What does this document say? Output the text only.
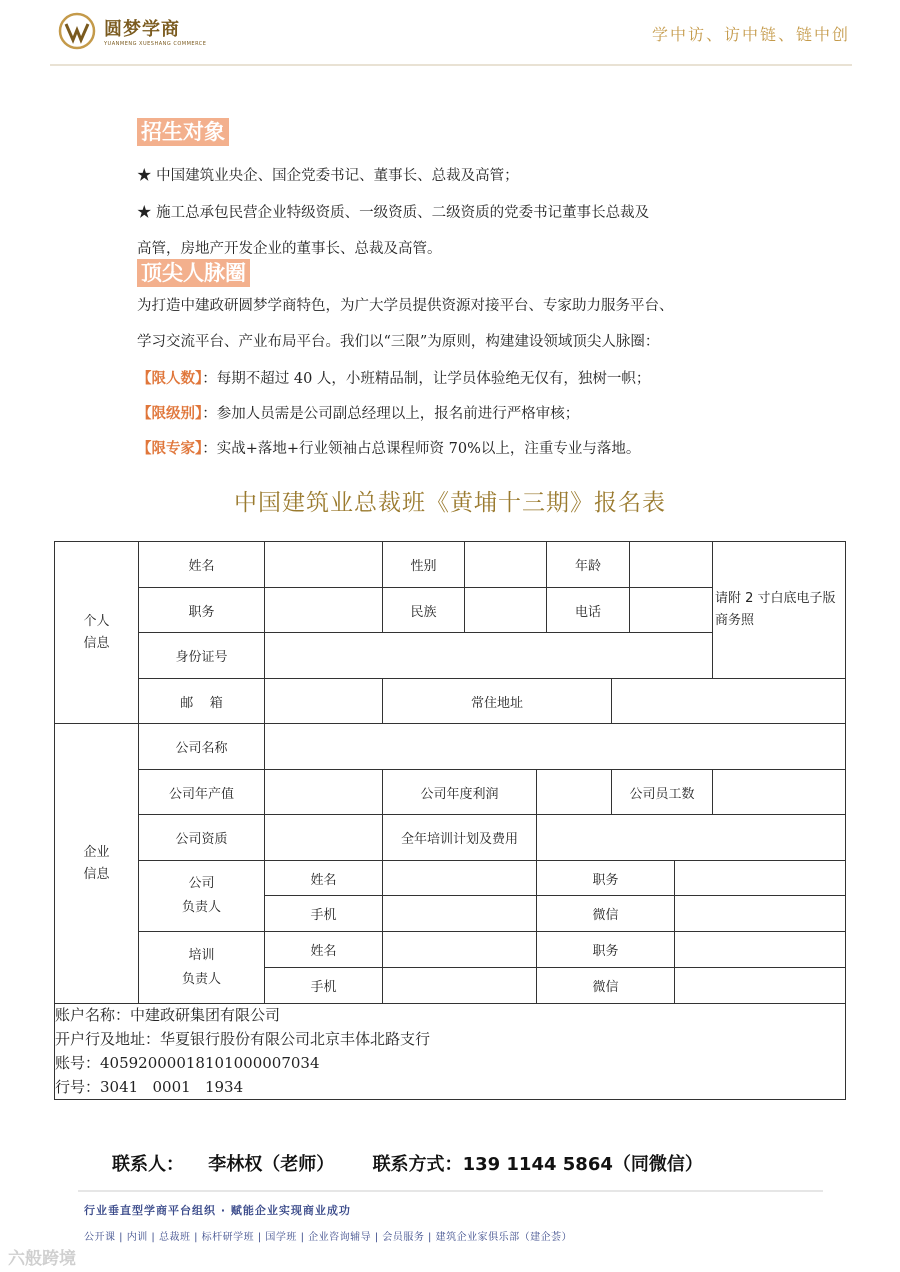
圆梦学商
YUANMENG XUESHANG COMMERCE	学中访、访中链、链中创
招生对象
★ 中国建筑业央企、国企党委书记、董事长、总裁及高管；
★ 施工总承包民营企业特级资质、一级资质、二级资质的党委书记董事长总裁及
高管，房地产开发企业的董事长、总裁及高管。
顶尖人脉圈
为打造中建政研圆梦学商特色，为广大学员提供资源对接平台、专家助力服务平台、
学习交流平台、产业布局平台。我们以“三限”为原则，构建建设领域顶尖人脉圈：
【限人数】：每期不超过 40 人，小班精品制，让学员体验绝无仅有，独树一帜；
【限级别】：参加人员需是公司副总经理以上，报名前进行严格审核；
【限专家】：实战+落地+行业领袖占总课程师资 70%以上，注重专业与落地。
中国建筑业总裁班《黄埔十三期》报名表
个人
信息
企业
信息
姓名	性别	年龄
请附 2 寸白底电子版商务照
职务	民族	电话
身份证号
邮    箱	常住地址
公司名称
公司年产值	公司年度利润	公司员工数
公司资质	全年培训计划及费用
公司
负责人
姓名	职务
手机	微信
培训
负责人
姓名	职务
手机	微信
账户名称：中建政研集团有限公司
开户行及地址：华夏银行股份有限公司北京丰体北路支行
账号：40592000018101000007034
行号：3041   0001   1934
联系人： 李林权（老师） 联系方式：139 1144 5864（同微信）
行业垂直型学商平台组织 · 赋能企业实现商业成功
公开课 | 内训 | 总裁班 | 标杆研学班 | 国学班 | 企业咨询辅导 | 会员服务 | 建筑企业家俱乐部（建企荟）
六般跨境
